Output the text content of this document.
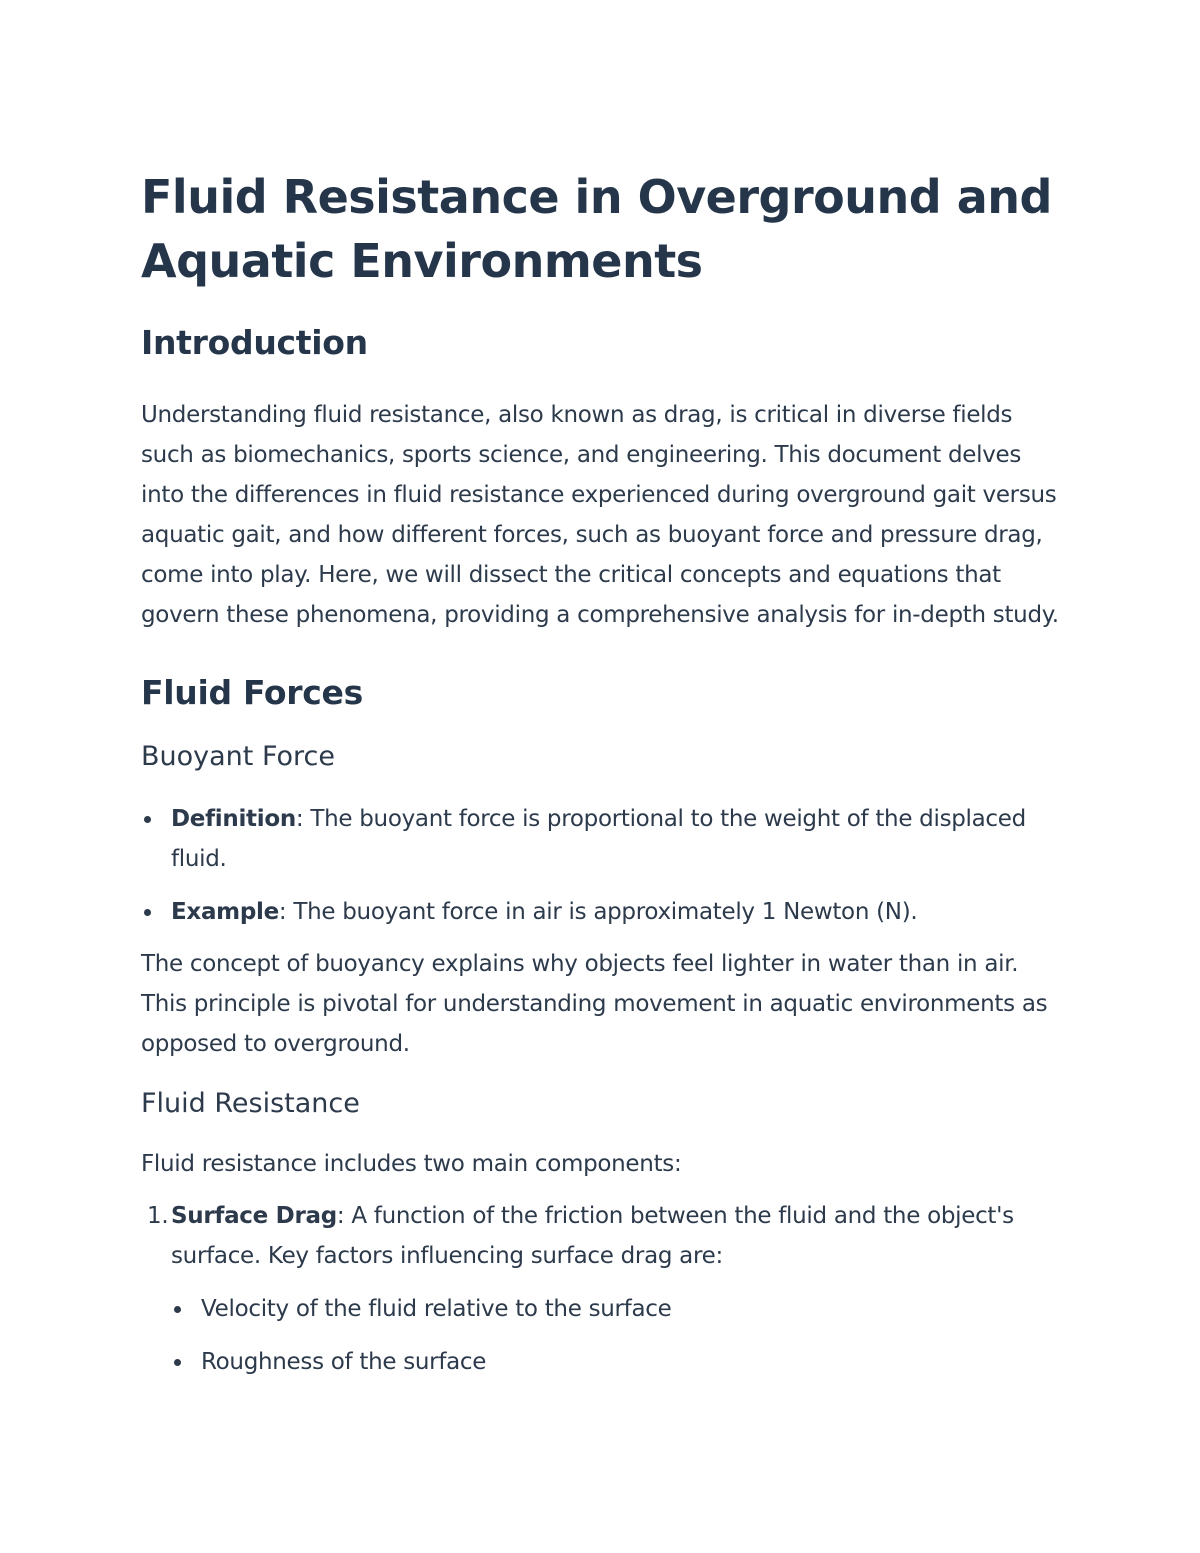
Fluid Resistance in Overground and Aquatic Environments
Introduction

Understanding fluid resistance, also known as drag, is critical in diverse fields such as biomechanics, sports science, and engineering. This document delves into the differences in fluid resistance experienced during overground gait versus aquatic gait, and how different forces, such as buoyant force and pressure drag, come into play. Here, we will dissect the critical concepts and equations that govern these phenomena, providing a comprehensive analysis for in-depth study.

Fluid Forces
Buoyant Force
Definition: The buoyant force is proportional to the weight of the displaced fluid.
Example: The buoyant force in air is approximately 1 Newton (N).

The concept of buoyancy explains why objects feel lighter in water than in air. This principle is pivotal for understanding movement in aquatic environments as opposed to overground.

Fluid Resistance

Fluid resistance includes two main components:

1. Surface Drag: A function of the friction between the fluid and the object's surface. Key factors influencing surface drag are:
Velocity of the fluid relative to the surface
Roughness of the surface
